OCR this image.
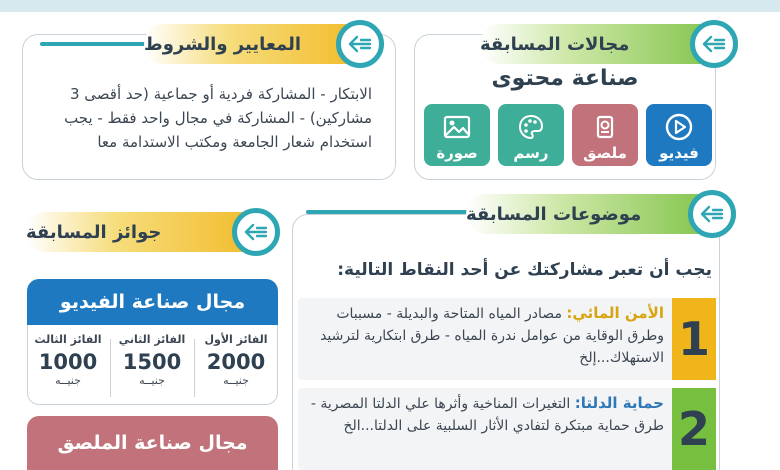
مجالات المسابقة
صناعة محتوى
فيديو
ملصق
رسم
صورة
المعايير والشروط
الابتكار - المشاركة فردية أو جماعية (حد أقصى 3 مشاركين) - المشاركة في مجال واحد فقط - يجب استخدام شعار الجامعة ومكتب الاستدامة معا
موضوعات المسابقة
يجب أن تعبر مشاركتك عن أحد النقاط التالية:
1
الأمن المائي: مصادر المياه المتاحة والبديلة - مسببات وطرق الوقاية من عوامل ندرة المياه - طرق ابتكارية لترشيد الاستهلاك...إلخ
2
حماية الدلتا: التغيرات المناخية وأثرها علي الدلتا المصرية - طرق حماية مبتكرة لتفادي الأثار السلبية على الدلتا...الخ
جوائز المسابقة
مجال صناعة الفيديو
الفائز الأول
2000
جنيــه
الفائز الثاني
1500
جنيــه
الفائز الثالث
1000
جنيــه
مجال صناعة الملصق
